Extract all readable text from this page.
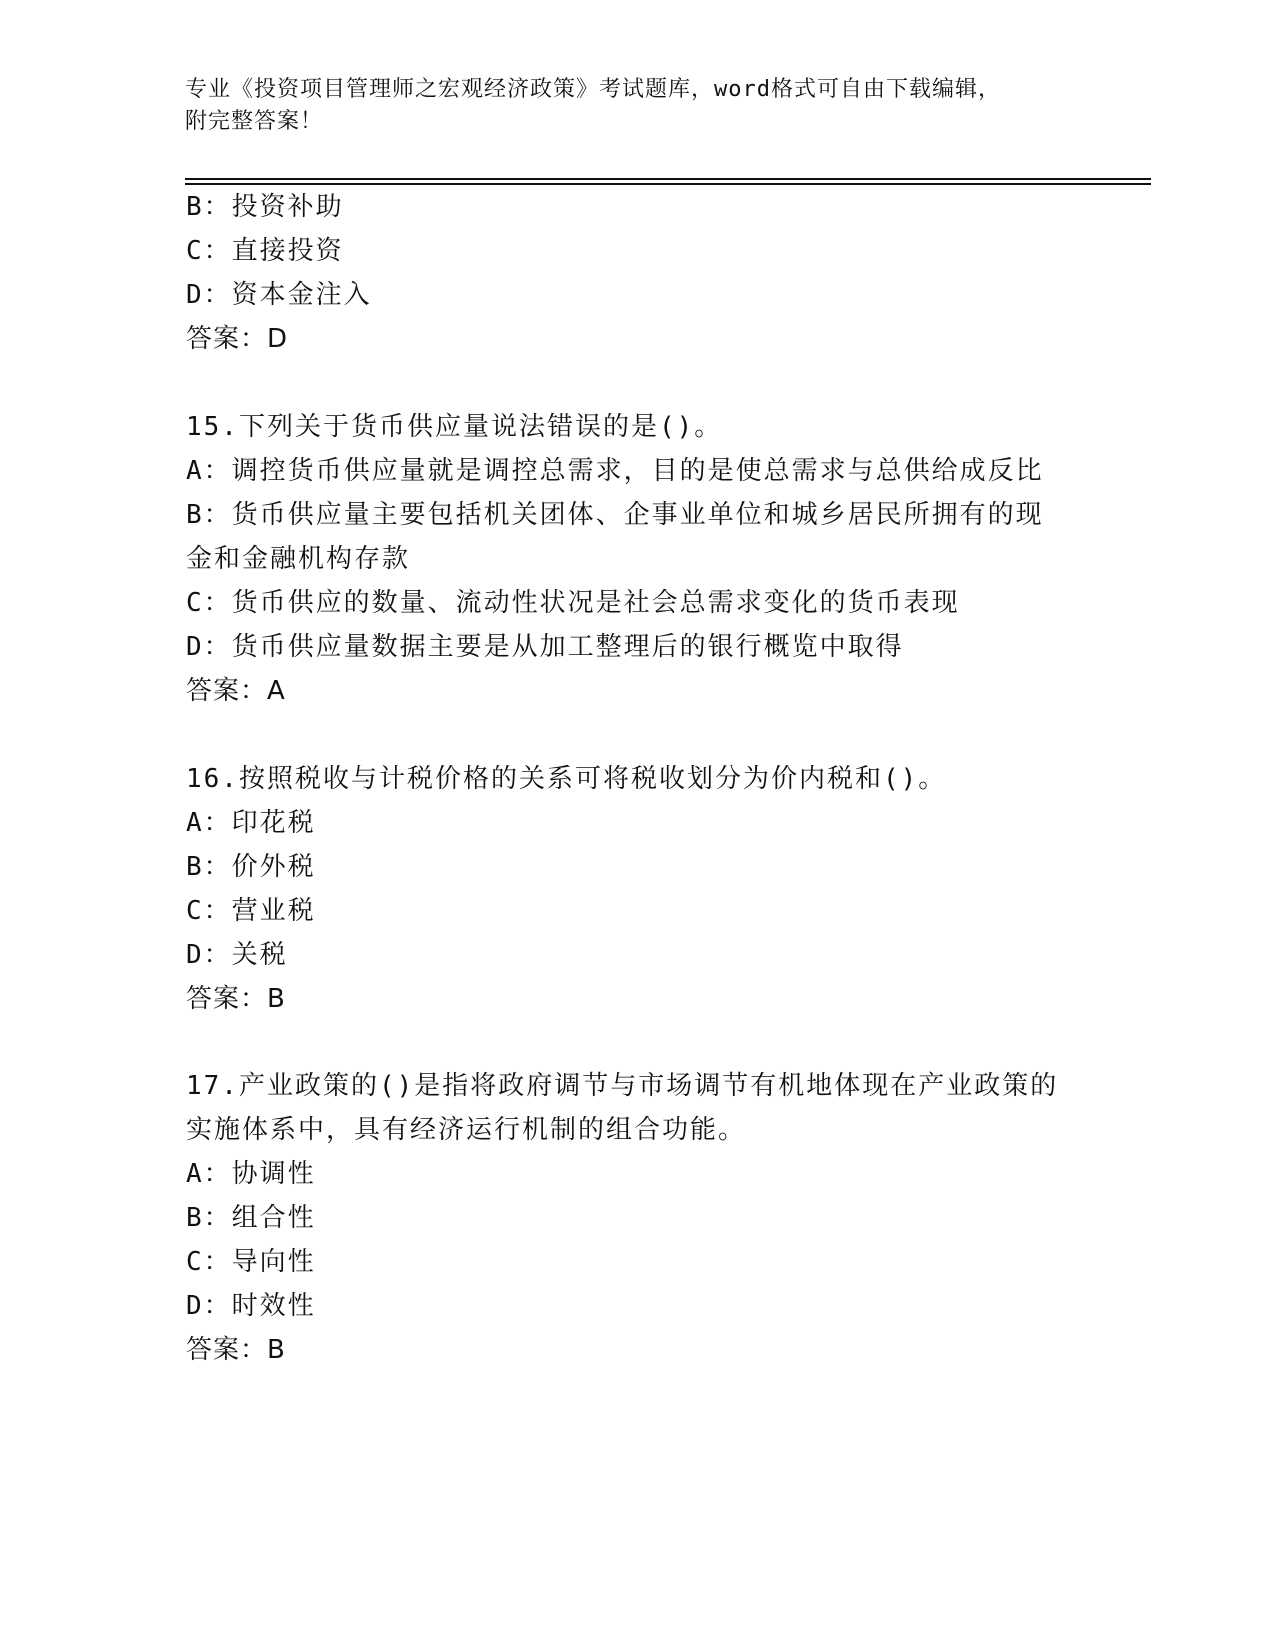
专业《投资项目管理师之宏观经济政策》考试题库，word格式可自由下载编辑，
附完整答案！
B：投资补助
C：直接投资
D：资本金注入
答案：D
15.下列关于货币供应量说法错误的是()。
A：调控货币供应量就是调控总需求，目的是使总需求与总供给成反比
B：货币供应量主要包括机关团体、企事业单位和城乡居民所拥有的现
金和金融机构存款
C：货币供应的数量、流动性状况是社会总需求变化的货币表现
D：货币供应量数据主要是从加工整理后的银行概览中取得
答案：A
16.按照税收与计税价格的关系可将税收划分为价内税和()。
A：印花税
B：价外税
C：营业税
D：关税
答案：B
17.产业政策的()是指将政府调节与市场调节有机地体现在产业政策的
实施体系中，具有经济运行机制的组合功能。
A：协调性
B：组合性
C：导向性
D：时效性
答案：B
